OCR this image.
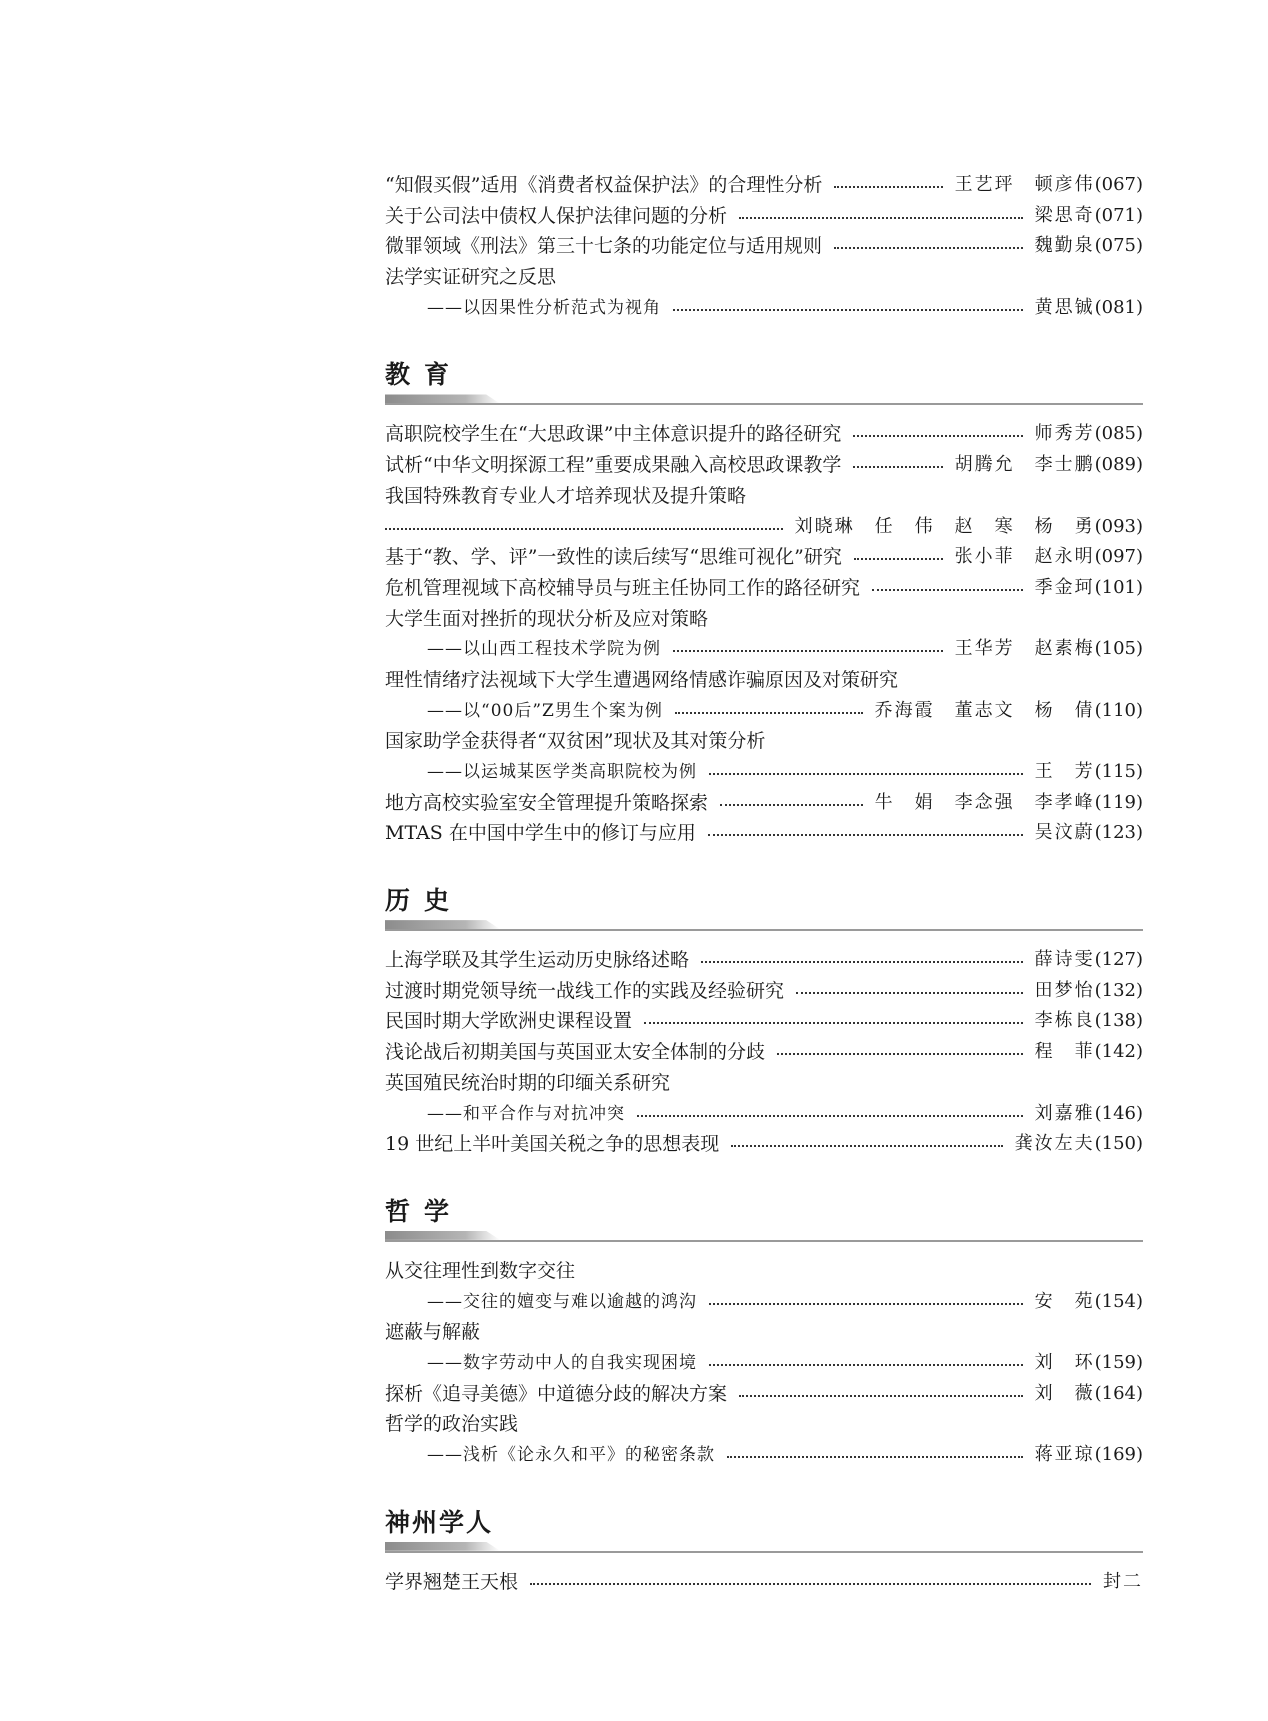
“知假买假”适用《消费者权益保护法》的合理性分析	王艺玶　顿彦伟(067)
关于公司法中债权人保护法律问题的分析	梁思奇(071)
微罪领域《刑法》第三十七条的功能定位与适用规则	魏勤泉(075)
法学实证研究之反思
——以因果性分析范式为视角	黄思铖(081)
教育
高职院校学生在“大思政课”中主体意识提升的路径研究	师秀芳(085)
试析“中华文明探源工程”重要成果融入高校思政课教学	胡腾允　李士鹏(089)
我国特殊教育专业人才培养现状及提升策略
刘晓琳　任　伟　赵　寒　杨　勇(093)
基于“教、学、评”一致性的读后续写“思维可视化”研究	张小菲　赵永明(097)
危机管理视域下高校辅导员与班主任协同工作的路径研究	季金珂(101)
大学生面对挫折的现状分析及应对策略
——以山西工程技术学院为例	王华芳　赵素梅(105)
理性情绪疗法视域下大学生遭遇网络情感诈骗原因及对策研究
——以“00后”Z男生个案为例	乔海霞　董志文　杨　倩(110)
国家助学金获得者“双贫困”现状及其对策分析
——以运城某医学类高职院校为例	王　芳(115)
地方高校实验室安全管理提升策略探索	牛　娟　李念强　李孝峰(119)
MTAS 在中国中学生中的修订与应用	吴汶蔚(123)
历史
上海学联及其学生运动历史脉络述略	薛诗雯(127)
过渡时期党领导统一战线工作的实践及经验研究	田梦怡(132)
民国时期大学欧洲史课程设置	李栋良(138)
浅论战后初期美国与英国亚太安全体制的分歧	程　菲(142)
英国殖民统治时期的印缅关系研究
——和平合作与对抗冲突	刘嘉雅(146)
19 世纪上半叶美国关税之争的思想表现	龚汝左夫(150)
哲学
从交往理性到数字交往
——交往的嬗变与难以逾越的鸿沟	安　苑(154)
遮蔽与解蔽
——数字劳动中人的自我实现困境	刘　环(159)
探析《追寻美德》中道德分歧的解决方案	刘　薇(164)
哲学的政治实践
——浅析《论永久和平》的秘密条款	蒋亚琼(169)
神州学人
学界翘楚王天根	封二
